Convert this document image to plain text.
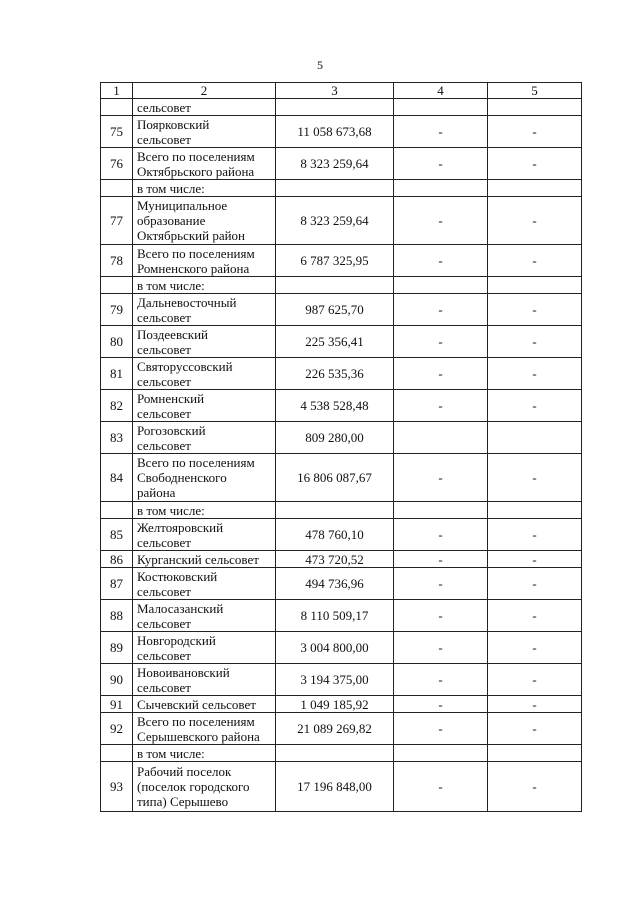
5
1	2	3	4	5

	сельсовет			

75	Поярковский
сельсовет	11 058 673,68	-	-
76	Всего по поселениям
Октябрьского района	8 323 259,64	-	-

	в том числе:			

77	Муниципальное
образование
Октябрьский район	8 323 259,64	-	-
78	Всего по поселениям
Ромненского района	6 787 325,95	-	-

	в том числе:			

79	Дальневосточный
сельсовет	987 625,70	-	-
80	Поздеевский
сельсовет	225 356,41	-	-
81	Святоруссовский
сельсовет	226 535,36	-	-
82	Ромненский
сельсовет	4 538 528,48	-	-
83	Рогозовский
сельсовет	809 280,00		
84	Всего по поселениям
Свободненского
района	16 806 087,67	-	-

	в том числе:			

85	Желтояровский
сельсовет	478 760,10	-	-
86	Курганский сельсовет	473 720,52	-	-
87	Костюковский
сельсовет	494 736,96	-	-
88	Малосазанский
сельсовет	8 110 509,17	-	-
89	Новгородский
сельсовет	3 004 800,00	-	-
90	Новоивановский
сельсовет	3 194 375,00	-	-
91	Сычевский сельсовет	1 049 185,92	-	-
92	Всего по поселениям
Серышевского района	21 089 269,82	-	-

	в том числе:			

93	Рабочий поселок
(поселок городского
типа) Серышево	17 196 848,00	-	-
